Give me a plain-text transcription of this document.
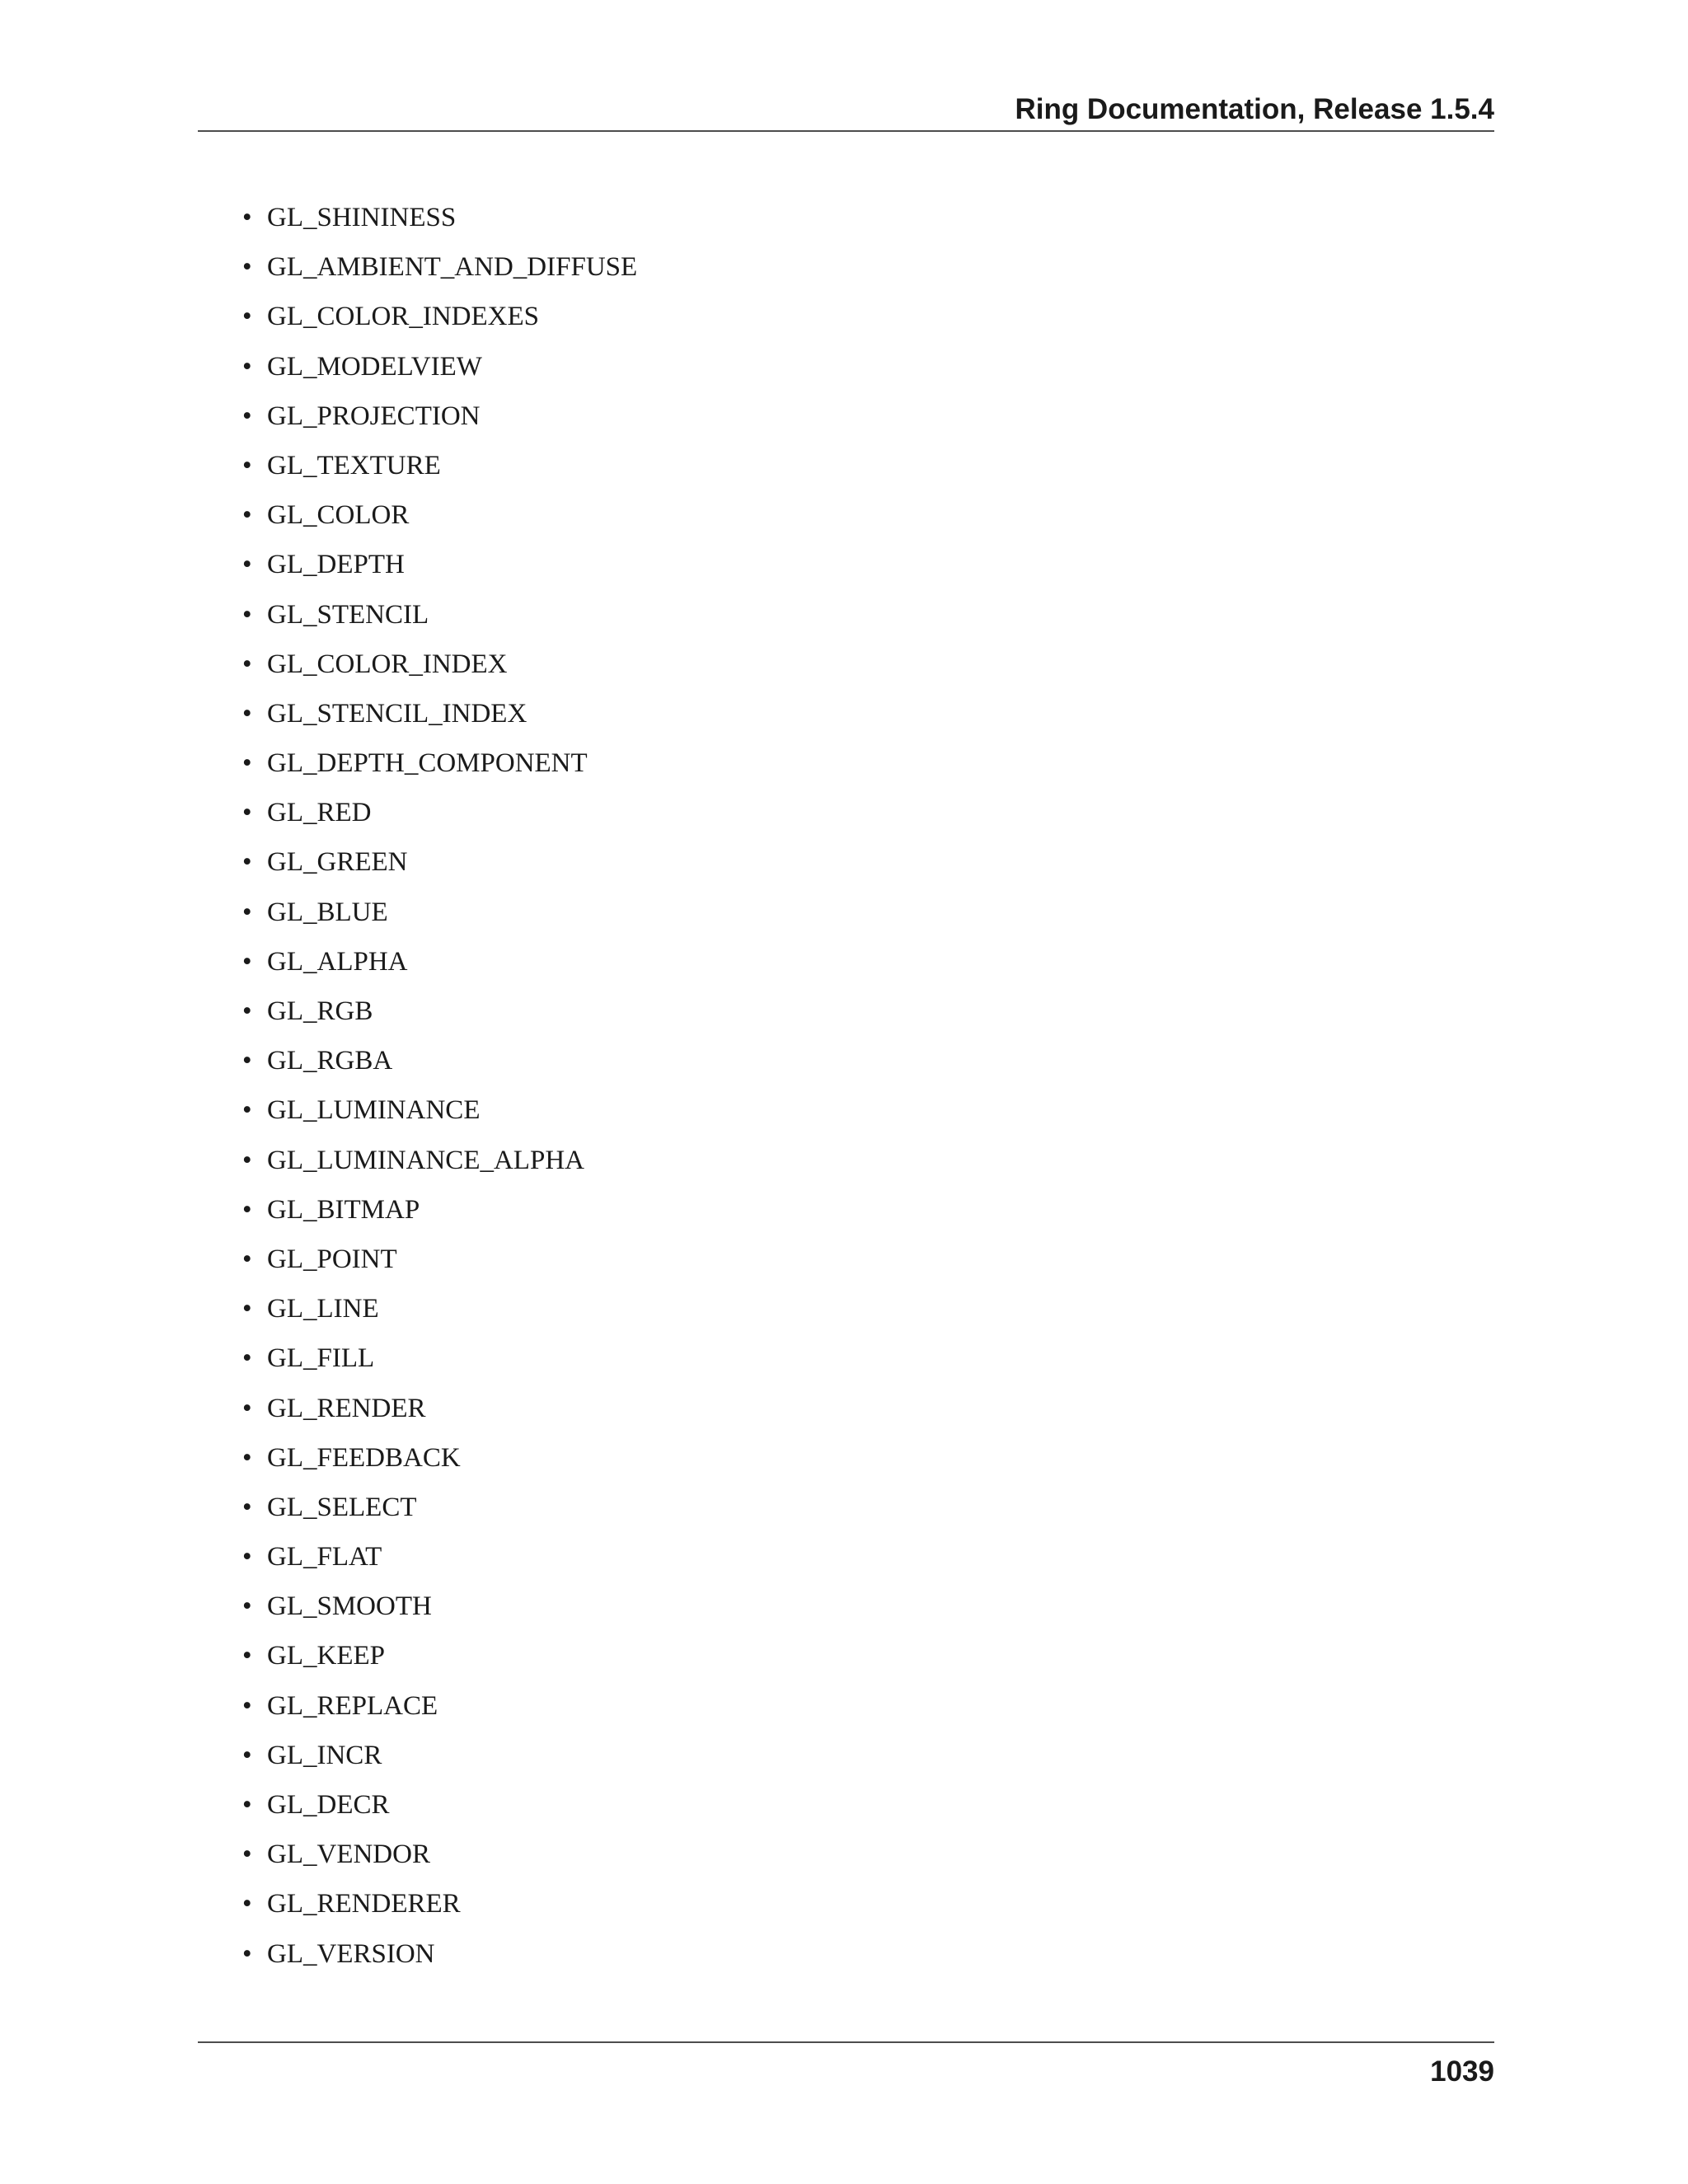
Ring Documentation, Release 1.5.4
• GL_SHININESS
• GL_AMBIENT_AND_DIFFUSE
• GL_COLOR_INDEXES
• GL_MODELVIEW
• GL_PROJECTION
• GL_TEXTURE
• GL_COLOR
• GL_DEPTH
• GL_STENCIL
• GL_COLOR_INDEX
• GL_STENCIL_INDEX
• GL_DEPTH_COMPONENT
• GL_RED
• GL_GREEN
• GL_BLUE
• GL_ALPHA
• GL_RGB
• GL_RGBA
• GL_LUMINANCE
• GL_LUMINANCE_ALPHA
• GL_BITMAP
• GL_POINT
• GL_LINE
• GL_FILL
• GL_RENDER
• GL_FEEDBACK
• GL_SELECT
• GL_FLAT
• GL_SMOOTH
• GL_KEEP
• GL_REPLACE
• GL_INCR
• GL_DECR
• GL_VENDOR
• GL_RENDERER
• GL_VERSION
1039
